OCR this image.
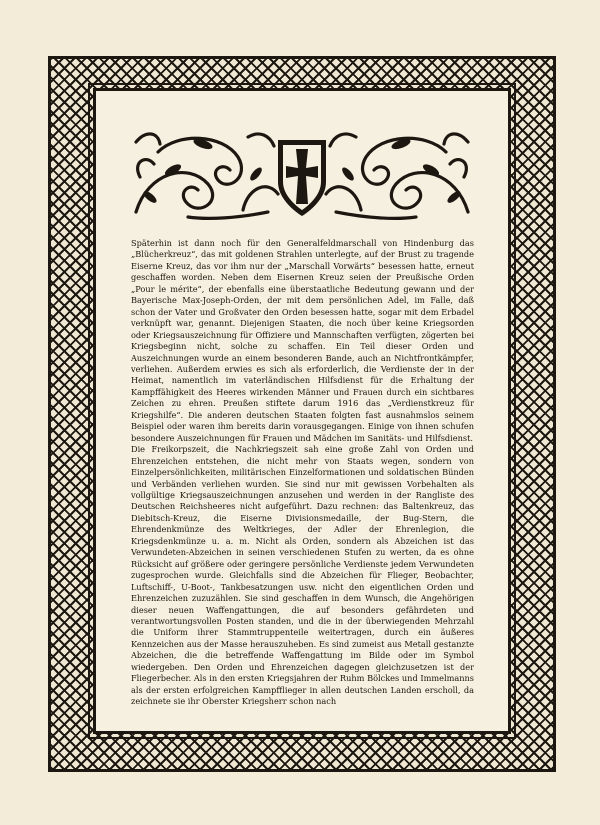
Späterhin ist dann noch für den Generalfeldmarschall von Hindenburg das „Blücherkreuz“, das mit goldenen Strahlen unterlegte, auf der Brust zu tragende Eiserne Kreuz, das vor ihm nur der „Marschall Vorwärts“ besessen hatte, erneut geschaffen worden. Neben dem Eisernen Kreuz seien der Preußische Orden „Pour le mérite“, der ebenfalls eine überstaatliche Bedeutung gewann und der Bayerische Max-Joseph-Orden, der mit dem persönlichen Adel, im Falle, daß schon der Vater und Großvater den Orden besessen hatte, sogar mit dem Erbadel verknüpft war, genannt. Diejenigen Staaten, die noch über keine Kriegsorden oder Kriegsauszeichnung für Offiziere und Mannschaften verfügten, zögerten bei Kriegsbeginn nicht, solche zu schaffen. Ein Teil dieser Orden und Auszeichnungen wurde an einem besonderen Bande, auch an Nichtfrontkämpfer, verliehen. Außerdem erwies es sich als erforderlich, die Verdienste der in der Heimat, namentlich im vaterländischen Hilfsdienst für die Erhaltung der Kampffähigkeit des Heeres wirkenden Männer und Frauen durch ein sichtbares Zeichen zu ehren. Preußen stiftete darum 1916 das „Verdienstkreuz für Kriegshilfe“. Die anderen deutschen Staaten folgten fast ausnahmslos seinem Beispiel oder waren ihm bereits darin vorausgegangen. Einige von ihnen schufen besondere Auszeichnungen für Frauen und Mädchen im Sanitäts- und Hilfsdienst.

Die Freikorpszeit, die Nachkriegszeit sah eine große Zahl von Orden und Ehrenzeichen entstehen, die nicht mehr von Staats wegen, sondern von Einzelpersönlichkeiten, militärischen Einzelformationen und soldatischen Bünden und Verbänden verliehen wurden. Sie sind nur mit gewissen Vorbehalten als vollgültige Kriegsauszeichnungen anzusehen und werden in der Rangliste des Deutschen Reichsheeres nicht aufgeführt. Dazu rechnen: das Baltenkreuz, das Diebitsch-Kreuz, die Eiserne Divisionsmedaille, der Bug-Stern, die Ehrendenkmünze des Weltkrieges, der Adler der Ehrenlegion, die Kriegsdenkmünze u. a. m. Nicht als Orden, sondern als Abzeichen ist das Verwundeten-Abzeichen in seinen verschiedenen Stufen zu werten, da es ohne Rücksicht auf größere oder geringere persönliche Verdienste jedem Verwundeten zugesprochen wurde. Gleichfalls sind die Abzeichen für Flieger, Beobachter, Luftschiff-, U-Boot-, Tankbesatzungen usw. nicht den eigentlichen Orden und Ehrenzeichen zuzuzählen. Sie sind geschaffen in dem Wunsch, die Angehörigen dieser neuen Waffengattungen, die auf besonders gefährdeten und verantwortungsvollen Posten standen, und die in der überwiegenden Mehrzahl die Uniform ihrer Stammtruppenteile weitertragen, durch ein äußeres Kennzeichen aus der Masse herauszuheben. Es sind zumeist aus Metall gestanzte Abzeichen, die die betreffende Waffengattung im Bilde oder im Symbol wiedergeben. Den Orden und Ehrenzeichen dagegen gleichzusetzen ist der Fliegerbecher. Als in den ersten Kriegsjahren der Ruhm Bölckes und Immelmanns als der ersten erfolgreichen Kampfflieger in allen deutschen Landen erscholl, da zeichnete sie ihr Oberster Kriegsherr schon nach
